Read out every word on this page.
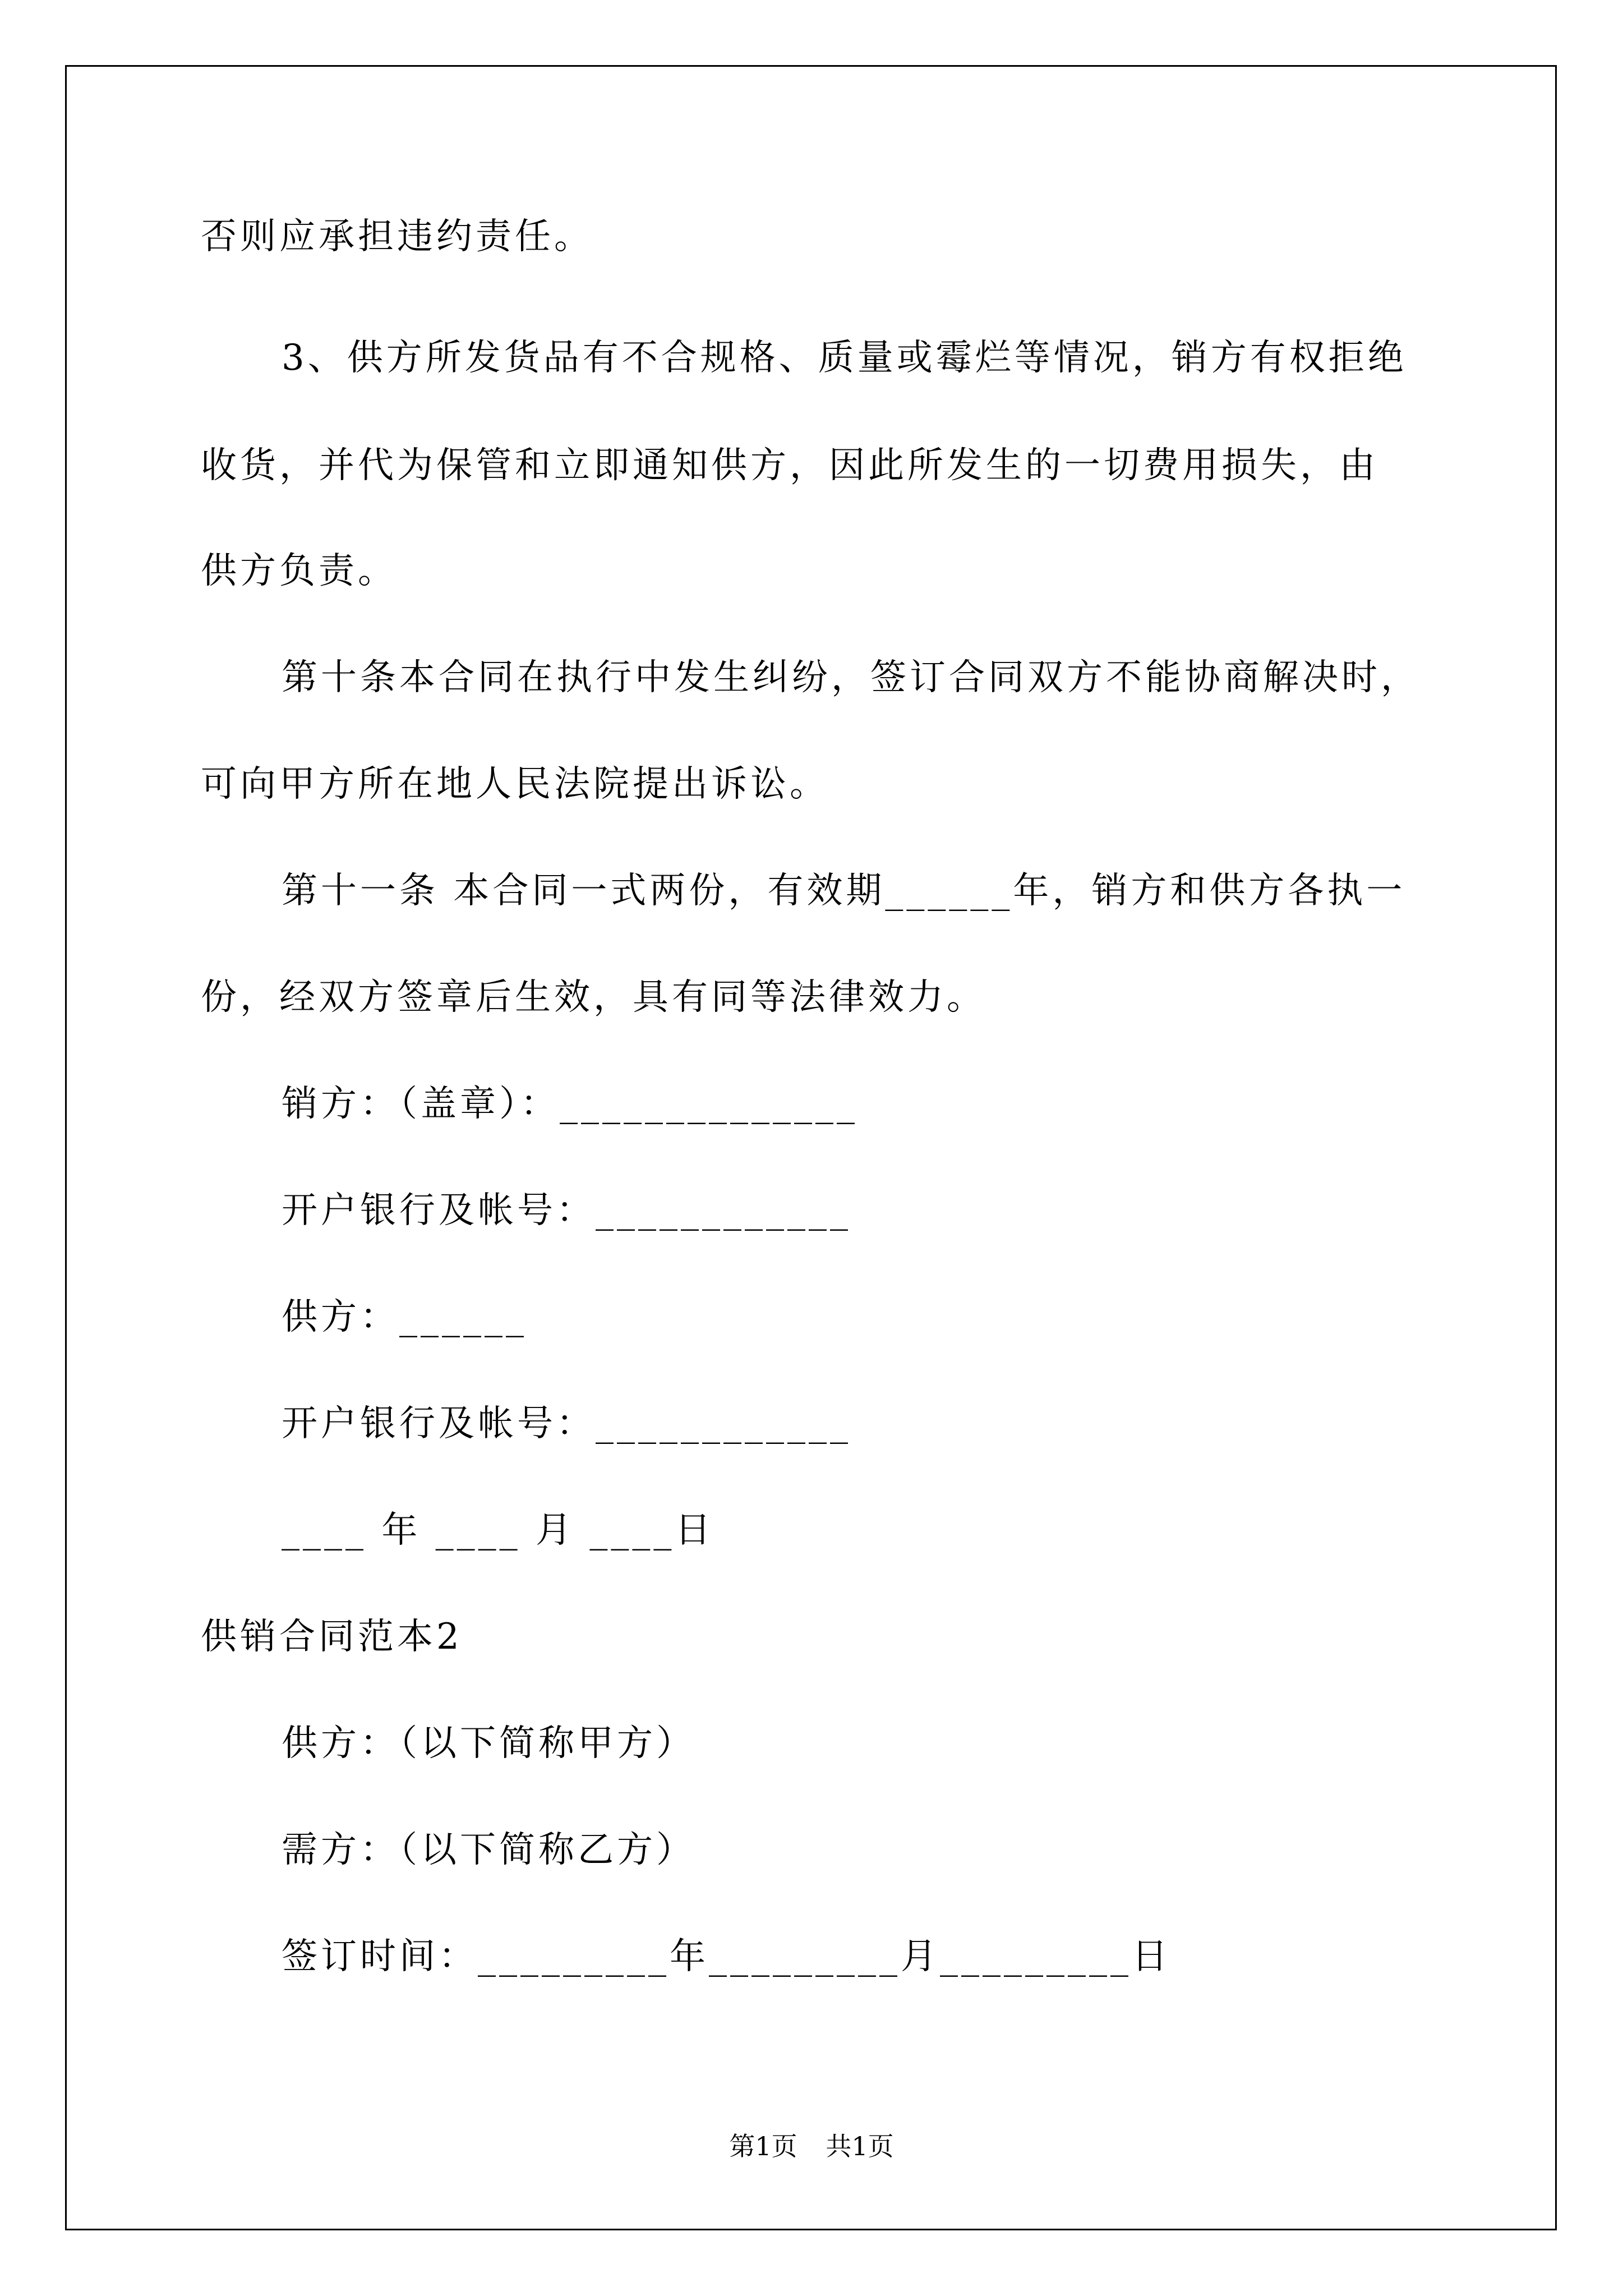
否则应承担违约责任。
3、供方所发货品有不合规格、质量或霉烂等情况，销方有权拒绝
收货，并代为保管和立即通知供方，因此所发生的一切费用损失，由
供方负责。
第十条本合同在执行中发生纠纷，签订合同双方不能协商解决时，
可向甲方所在地人民法院提出诉讼。
第十一条 本合同一式两份，有效期______年，销方和供方各执一
份，经双方签章后生效，具有同等法律效力。
销方：（盖章）：______________
开户银行及帐号：____________
供方：______
开户银行及帐号：____________
____ 年 ____ 月 ____日
供销合同范本2
供方：（以下简称甲方）
需方：（以下简称乙方）
签订时间：_________年_________月_________日
第1页 共1页
